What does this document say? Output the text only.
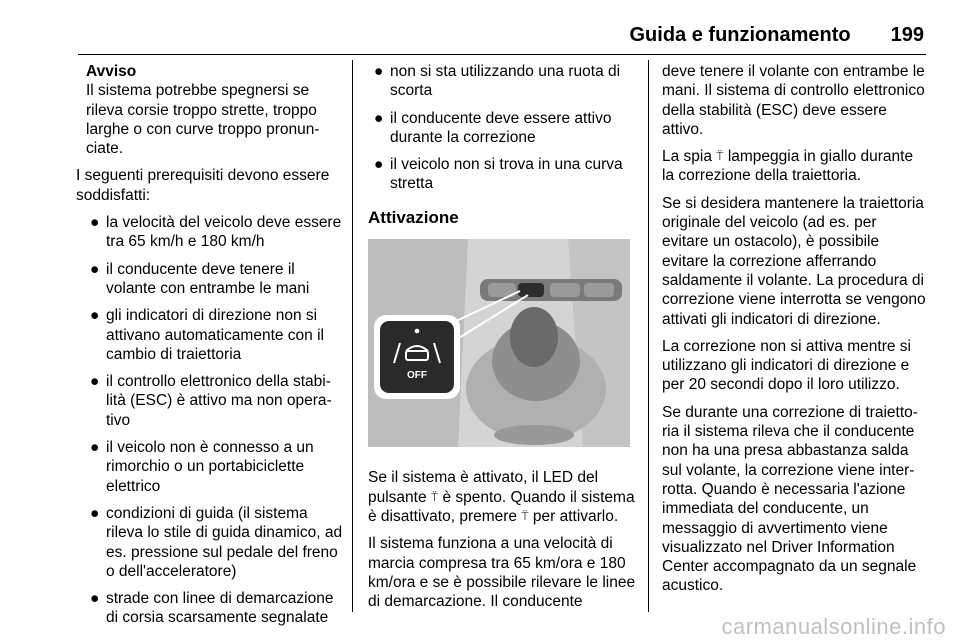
Guida e funzionamento 199
Avviso
Il sistema potrebbe spegnersi se rileva corsie troppo strette, troppo larghe o con curve troppo pronunciate.

I seguenti prerequisiti devono essere soddisfatti:

● la velocità del veicolo deve essere tra 65 km/h e 180 km/h
● il conducente deve tenere il volante con entrambe le mani
● gli indicatori di direzione non si attivano automaticamente con il cambio di traiettoria
● il controllo elettronico della stabilità (ESC) è attivo ma non operativo
● il veicolo non è connesso a un rimorchio o un portabiciclette elettrico
● condizioni di guida (il sistema rileva lo stile di guida dinamico, ad es. pressione sul pedale del freno o dell'acceleratore)
● strade con linee di demarcazione di corsia scarsamente segnalate
● non si sta utilizzando una ruota di scorta
● il conducente deve essere attivo durante la correzione
● il veicolo non si trova in una curva stretta
Attivazione
OFF

Se il sistema è attivato, il LED del pulsante ⍡ è spento. Quando il sistema è disattivato, premere ⍡ per attivarlo.

Il sistema funziona a una velocità di marcia compresa tra 65 km/ora e 180 km/ora e se è possibile rilevare le linee di demarcazione. Il conducente

deve tenere il volante con entrambe le mani. Il sistema di controllo elettronico della stabilità (ESC) deve essere attivo.

La spia ⍡ lampeggia in giallo durante la correzione della traiettoria.

Se si desidera mantenere la traiettoria originale del veicolo (ad es. per evitare un ostacolo), è possibile evitare la correzione afferrando saldamente il volante. La procedura di correzione viene interrotta se vengono attivati gli indicatori di direzione.

La correzione non si attiva mentre si utilizzano gli indicatori di direzione e per 20 secondi dopo il loro utilizzo.

Se durante una correzione di traiettoria il sistema rileva che il conducente non ha una presa abbastanza salda sul volante, la correzione viene interrotta. Quando è necessaria l'azione immediata del conducente, un messaggio di avvertimento viene visualizzato nel Driver Information Center accompagnato da un segnale acustico.

carmanualsonline.info
